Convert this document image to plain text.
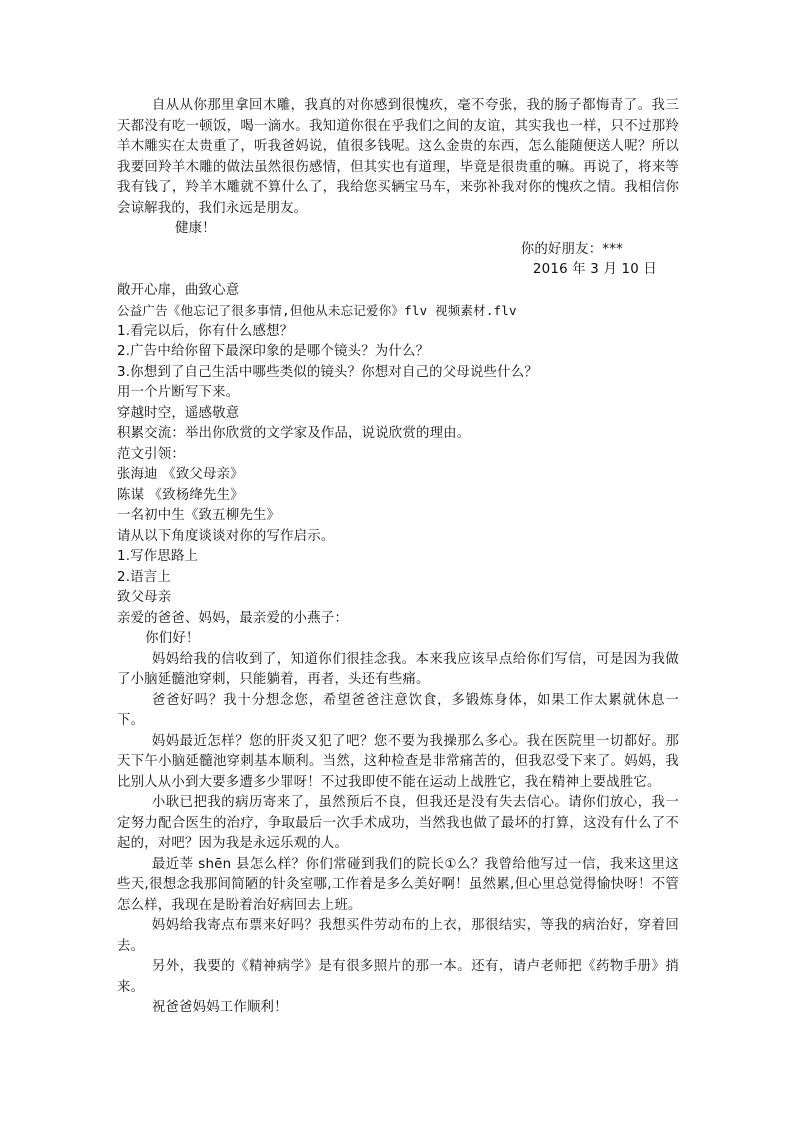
自从从你那里拿回木雕，我真的对你感到很愧疚，毫不夸张，我的肠子都悔青了。我三天都没有吃一顿饭，喝一滴水。我知道你很在乎我们之间的友谊，其实我也一样，只不过那羚羊木雕实在太贵重了，听我爸妈说，值很多钱呢。这么金贵的东西，怎么能随便送人呢？所以我要回羚羊木雕的做法虽然很伤感情，但其实也有道理，毕竟是很贵重的嘛。再说了，将来等我有钱了，羚羊木雕就不算什么了，我给您买辆宝马车，来弥补我对你的愧疚之情。我相信你会谅解我的，我们永远是朋友。

健康！

你的好朋友：***

2016 年 3 月 10 日

敞开心扉，曲致心意

公益广告《他忘记了很多事情,但他从未忘记爱你》flv 视频素材.flv

1.看完以后，你有什么感想？

2.广告中给你留下最深印象的是哪个镜头？为什么？

3.你想到了自己生活中哪些类似的镜头？你想对自己的父母说些什么？

用一个片断写下来。

穿越时空，遥感敬意

积累交流：举出你欣赏的文学家及作品，说说欣赏的理由。

范文引领：

张海迪 《致父母亲》

陈谋 《致杨绛先生》

一名初中生《致五柳先生》

请从以下角度谈谈对你的写作启示。

1.写作思路上

2.语言上

致父母亲

亲爱的爸爸、妈妈，最亲爱的小燕子：

你们好！

妈妈给我的信收到了，知道你们很挂念我。本来我应该早点给你们写信，可是因为我做了小脑延髓池穿刺，只能躺着，再者，头还有些痛。

爸爸好吗？我十分想念您，希望爸爸注意饮食，多锻炼身体，如果工作太累就休息一下。

妈妈最近怎样？您的肝炎又犯了吧？您不要为我操那么多心。我在医院里一切都好。那天下午小脑延髓池穿刺基本顺利。当然，这种检查是非常痛苦的，但我忍受下来了。妈妈，我比别人从小到大要多遭多少罪呀！不过我即使不能在运动上战胜它，我在精神上要战胜它。

小耿已把我的病历寄来了，虽然预后不良，但我还是没有失去信心。请你们放心，我一定努力配合医生的治疗，争取最后一次手术成功，当然我也做了最坏的打算，这没有什么了不起的，对吧？因为我是永远乐观的人。

最近莘 shēn 县怎么样？你们常碰到我们的院长①么？我曾给他写过一信，我来这里这些天,很想念我那间简陋的针灸室哪,工作着是多么美好啊！虽然累,但心里总觉得愉快呀！不管怎么样，我现在是盼着治好病回去上班。

妈妈给我寄点布票来好吗？我想买件劳动布的上衣，那很结实，等我的病治好，穿着回去。

另外，我要的《精神病学》是有很多照片的那一本。还有，请卢老师把《药物手册》捎来。

祝爸爸妈妈工作顺利！
